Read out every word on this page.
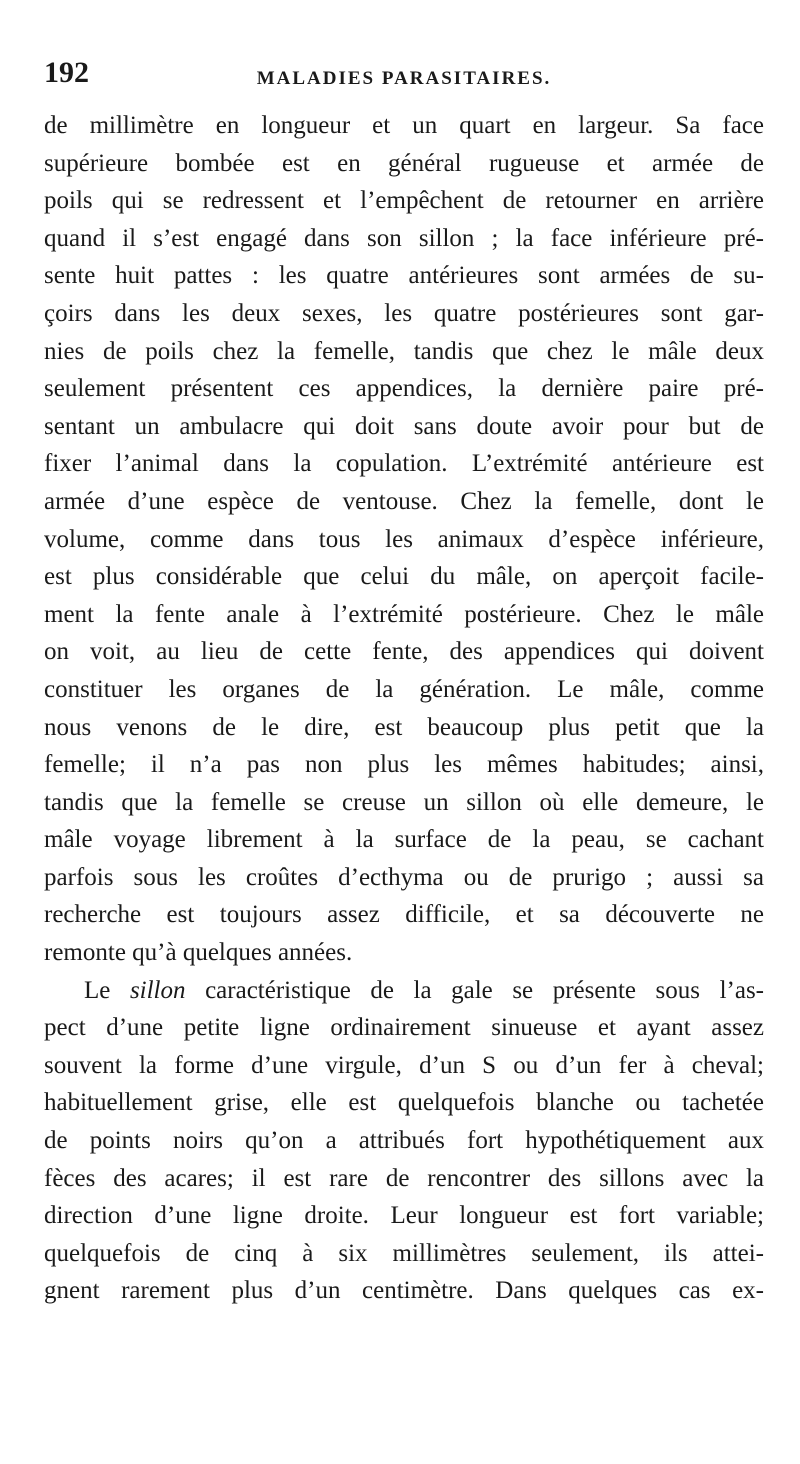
192	MALADIES PARASITAIRES.
de millimètre en longueur et un quart en largeur. Sa face
supérieure bombée est en général rugueuse et armée de
poils qui se redressent et l’empêchent de retourner en arrière
quand il s’est engagé dans son sillon ; la face inférieure pré-
sente huit pattes : les quatre antérieures sont armées de su-
çoirs dans les deux sexes, les quatre postérieures sont gar-
nies de poils chez la femelle, tandis que chez le mâle deux
seulement présentent ces appendices, la dernière paire pré-
sentant un ambulacre qui doit sans doute avoir pour but de
fixer l’animal dans la copulation. L’extrémité antérieure est
armée d’une espèce de ventouse. Chez la femelle, dont le
volume, comme dans tous les animaux d’espèce inférieure,
est plus considérable que celui du mâle, on aperçoit facile-
ment la fente anale à l’extrémité postérieure. Chez le mâle
on voit, au lieu de cette fente, des appendices qui doivent
constituer les organes de la génération. Le mâle, comme
nous venons de le dire, est beaucoup plus petit que la
femelle; il n’a pas non plus les mêmes habitudes; ainsi,
tandis que la femelle se creuse un sillon où elle demeure, le
mâle voyage librement à la surface de la peau, se cachant
parfois sous les croûtes d’ecthyma ou de prurigo ; aussi sa
recherche est toujours assez difficile, et sa découverte ne
remonte qu’à quelques années.
Le sillon caractéristique de la gale se présente sous l’as-
pect d’une petite ligne ordinairement sinueuse et ayant assez
souvent la forme d’une virgule, d’un S ou d’un fer à cheval;
habituellement grise, elle est quelquefois blanche ou tachetée
de points noirs qu’on a attribués fort hypothétiquement aux
fèces des acares; il est rare de rencontrer des sillons avec la
direction d’une ligne droite. Leur longueur est fort variable;
quelquefois de cinq à six millimètres seulement, ils attei-
gnent rarement plus d’un centimètre. Dans quelques cas ex-
